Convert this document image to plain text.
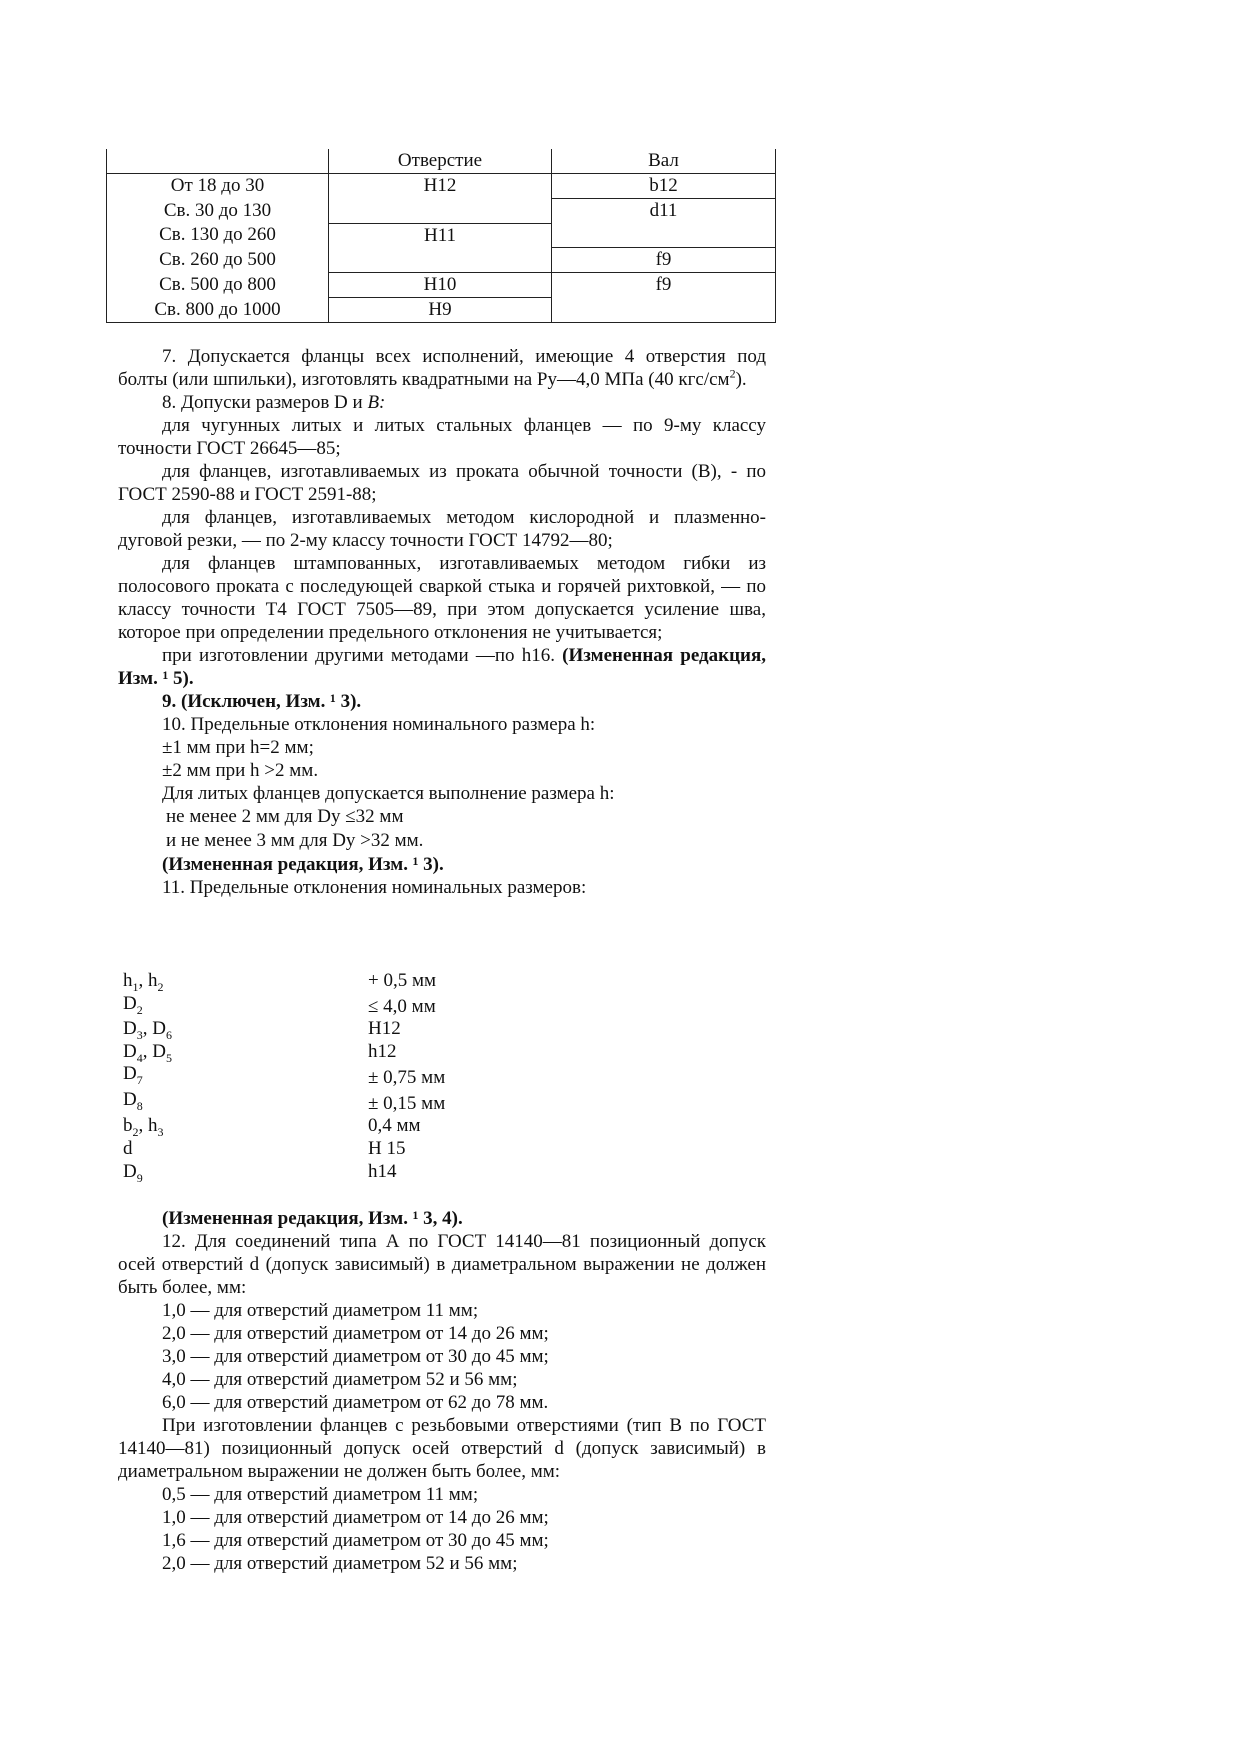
	Отверстие	Вал
От 18 до 30	Н12	b12
Св. 30 до 130		d11
Св. 130 до 260	Н11	
Св. 260 до 500		f9
Св. 500 до 800	Н10	f9
Св. 800 до 1000	Н9	

7. Допускается фланцы всех исполнений, имеющие 4 отверстия под болты (или шпильки), изготовлять квадратными на Ру—4,0 МПа (40 кгс/$см^2$).

8. Допуски размеров D и В:

для чугунных литых и литых стальных фланцев — по 9-му классу точности ГОСТ 26645—85;

для фланцев, изготавливаемых из проката обычной точности (В), - по ГОСТ 2590-88 и ГОСТ 2591-88;

для фланцев, изготавливаемых методом кислородной и плазменно-дуговой резки, — по 2-му классу точности ГОСТ 14792—80;

для фланцев штампованных, изготавливаемых методом гибки из полосового проката с последующей сваркой стыка и горячей рихтовкой, — по классу точности Т4 ГОСТ 7505—89, при этом допускается усиление шва, которое при определении предельного отклонения не учитывается;

при изготовлении другими методами —по h16. (Измененная редакция, Изм. ¹ 5).

9. (Исключен, Изм. ¹ 3).

10. Предельные отклонения номинального размера h:

±1 мм при h=2 мм;

±2 мм при h >2 мм.

Для литых фланцев допускается выполнение размера h:

не менее 2 мм для Dy ≤32 мм

и не менее 3 мм для Dy >32 мм.

(Измененная редакция, Изм. ¹ 3).

11. Предельные отклонения номинальных размеров:

$h_1$, $h_2$	+ 0,5 мм
$D_2$	≤ 4,0 мм
$D_3$, $D_6$	Н12
$D_4$, $D_5$	h12
$D_7$	± 0,75 мм
$D_8$	± 0,15 мм
$b_2$, $h_3$	0,4 мм
d	Н 15
$D_9$	h14

(Измененная редакция, Изм. ¹ 3, 4).

12. Для соединений типа А по ГОСТ 14140—81 позиционный допуск осей отверстий d (допуск зависимый) в диаметральном выражении не должен быть более, мм:

1,0 — для отверстий диаметром 11 мм;

2,0 — для отверстий диаметром от 14 до 26 мм;

3,0 — для отверстий диаметром от 30 до 45 мм;

4,0 — для отверстий диаметром 52 и 56 мм;

6,0 — для отверстий диаметром от 62 до 78 мм.

При изготовлении фланцев с резьбовыми отверстиями (тип В по ГОСТ 14140—81) позиционный допуск осей отверстий d (допуск зависимый) в диаметральном выражении не должен быть более, мм:

0,5 — для отверстий диаметром 11 мм;

1,0 — для отверстий диаметром от 14 до 26 мм;

1,6 — для отверстий диаметром от 30 до 45 мм;

2,0 — для отверстий диаметром 52 и 56 мм;
